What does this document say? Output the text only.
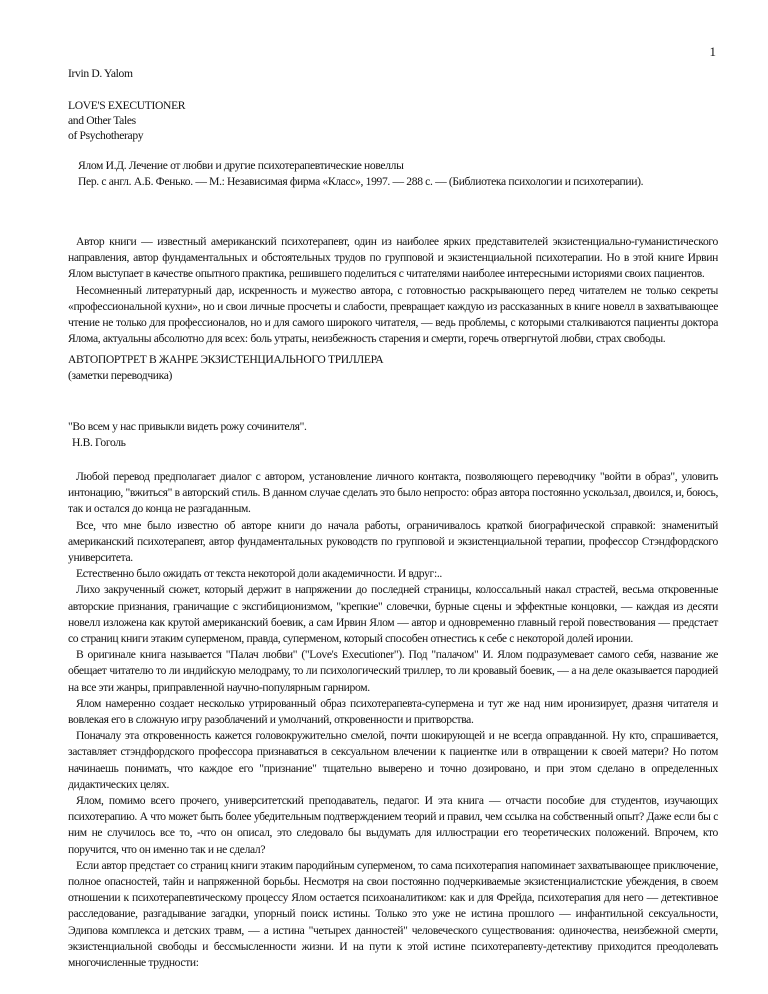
1
Irvin D. Yalom
LOVE'S EXECUTIONER
and Other Tales
of Psychotherapy
Ялом И.Д. Лечение от любви и другие психотерапевтические новеллы
Пер. с англ. А.Б. Фенько. — М.: Независимая фирма «Класс», 1997. — 288 с. — (Библиотека психологии и психотерапии).

Автор книги — известный американский психотерапевт, один из наиболее ярких представителей экзистенциально-гуманистического направления, автор фундаментальных и обстоятельных трудов по групповой и экзистенциальной психотерапии. Но в этой книге Ирвин Ялом выступает в качестве опытного практика, решившего поделиться с читателями наиболее интересными историями своих пациентов.

Несомненный литературный дар, искренность и мужество автора, с готовностью раскрывающего перед читателем не только секреты «профессиональной кухни», но и свои личные просчеты и слабости, превращает каждую из рассказанных в книге новелл в захватывающее чтение не только для профессионалов, но и для самого широкого читателя, — ведь проблемы, с которыми сталкиваются пациенты доктора Ялома, актуальны абсолютно для всех: боль утраты, неизбежность старения и смерти, горечь отвергнутой любви, страх свободы.

АВТОПОРТРЕТ В ЖАНРЕ ЭКЗИСТЕНЦИАЛЬНОГО ТРИЛЛЕРА
(заметки переводчика)
"Во всем у нас привыкли видеть рожу сочинителя".
Н.В. Гоголь

Любой перевод предполагает диалог с автором, установление личного контакта, позволяющего переводчику "войти в образ", уловить интонацию, "вжиться" в авторский стиль. В данном случае сделать это было непросто: образ автора постоянно ускользал, двоился, и, боюсь, так и остался до конца не разгаданным.

Все, что мне было известно об авторе книги до начала работы, ограничивалось краткой биографической справкой: знаменитый американский психотерапевт, автор фундаментальных руководств по групповой и экзистенциальной терапии, профессор Стэндфордского университета.

Естественно было ожидать от текста некоторой доли академичности. И вдруг:..

Лихо закрученный сюжет, который держит в напряжении до последней страницы, колоссальный накал страстей, весьма откровенные авторские признания, граничащие с эксгибиционизмом, "крепкие" словечки, бурные сцены и эффектные концовки, — каждая из десяти новелл изложена как крутой американский боевик, а сам Ирвин Ялом — автор и одновременно главный герой повествования — предстает со страниц книги этаким суперменом, правда, суперменом, который способен отнестись к себе с некоторой долей иронии.

В оригинале книга называется "Палач любви" ("Love's Executioner"). Под "палачом" И. Ялом подразумевает самого себя, название же обещает читателю то ли индийскую мелодраму, то ли психологический триллер, то ли кровавый боевик, — а на деле оказывается пародией на все эти жанры, приправленной научно-популярным гарниром.

Ялом намеренно создает несколько утрированный образ психотерапевта-супермена и тут же над ним иронизирует, дразня читателя и вовлекая его в сложную игру разоблачений и умолчаний, откровенности и притворства.

Поначалу эта откровенность кажется головокружительно смелой, почти шокирующей и не всегда оправданной. Ну кто, спрашивается, заставляет стэндфордского профессора признаваться в сексуальном влечении к пациентке или в отвращении к своей матери? Но потом начинаешь понимать, что каждое его "признание" тщательно выверено и точно дозировано, и при этом сделано в определенных дидактических целях.

Ялом, помимо всего прочего, университетский преподаватель, педагог. И эта книга — отчасти пособие для студентов, изучающих психотерапию. А что может быть более убедительным подтверждением теорий и правил, чем ссылка на собственный опыт? Даже если бы с ним не случилось все то, -что он описал, это следовало бы выдумать для иллюстрации его теоретических положений. Впрочем, кто поручится, что он именно так и не сделал?

Если автор предстает со страниц книги этаким пародийным суперменом, то сама психотерапия напоминает захватывающее приключение, полное опасностей, тайн и напряженной борьбы. Несмотря на свои постоянно подчеркиваемые экзистенциалистские убеждения, в своем отношении к психотерапевтическому процессу Ялом остается психоаналитиком: как и для Фрейда, психотерапия для него — детективное расследование, разгадывание загадки, упорный поиск истины. Только это уже не истина прошлого — инфантильной сексуальности, Эдипова комплекса и детских травм, — а истина "четырех данностей" человеческого существования: одиночества, неизбежной смерти, экзистенциальной свободы и бессмысленности жизни. И на пути к этой истине психотерапевту-детективу приходится преодолевать многочисленные трудности:
